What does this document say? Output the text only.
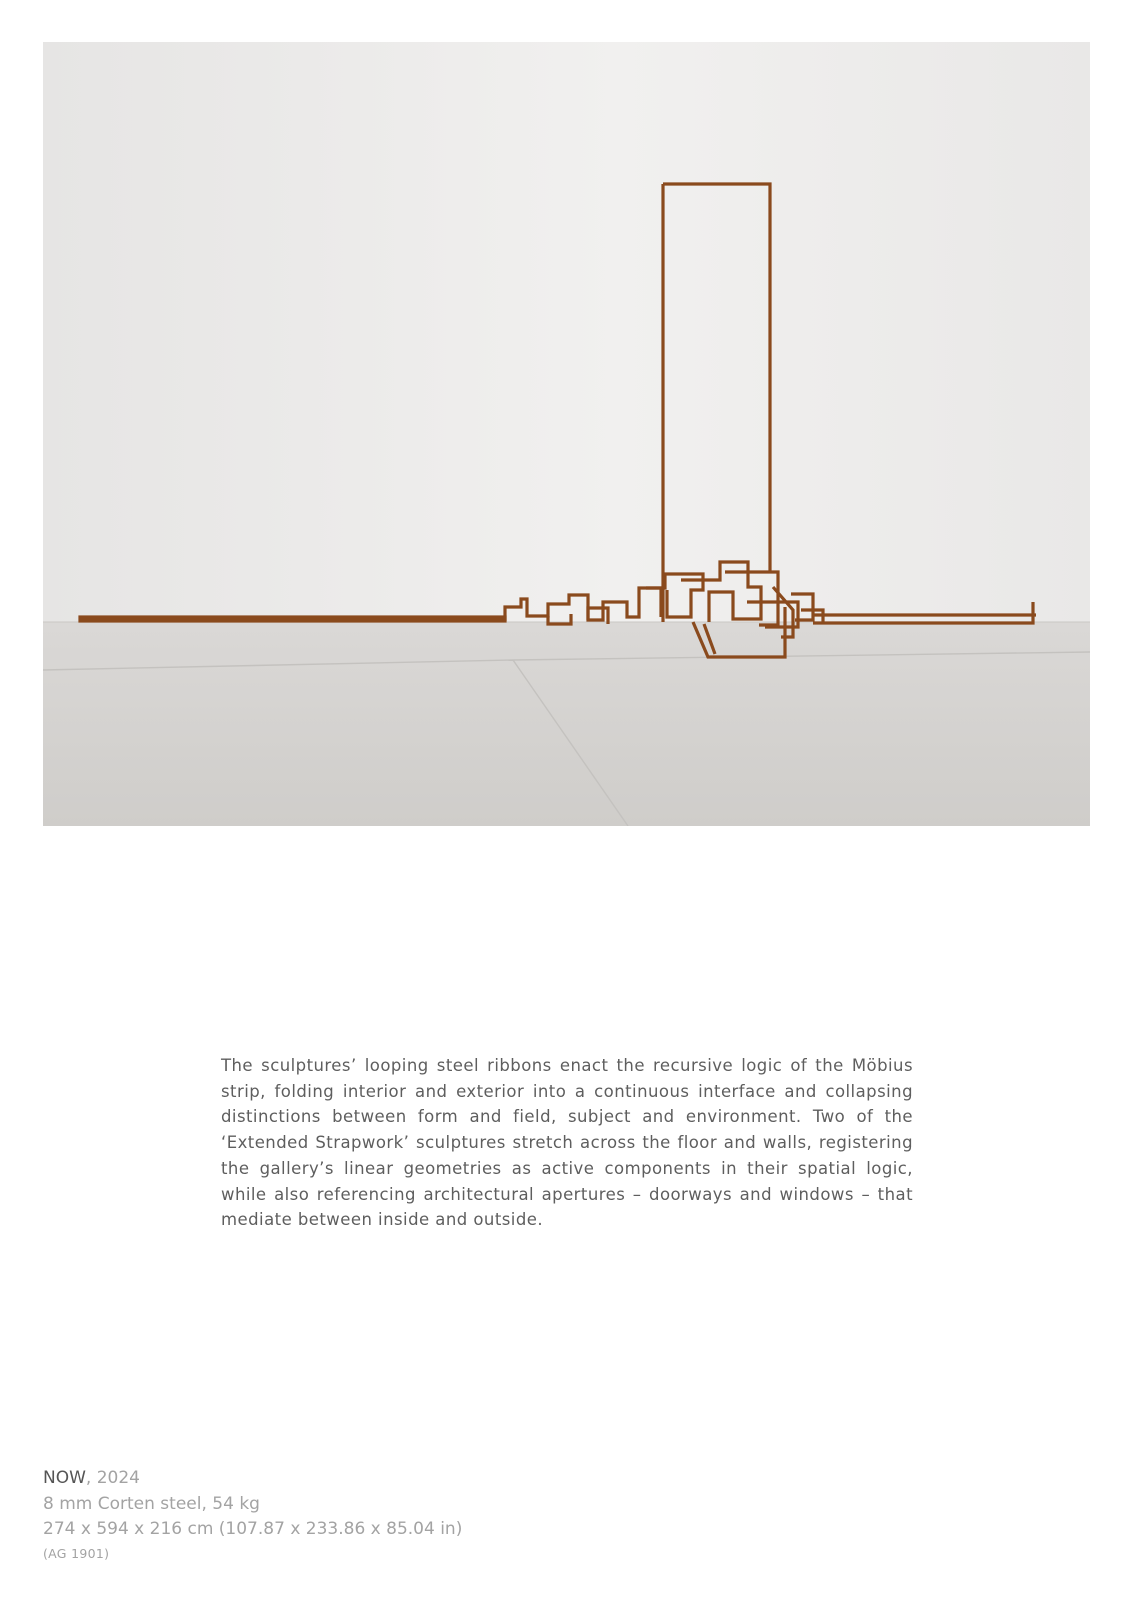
The sculptures’ looping steel ribbons enact the recursive logic of the Möbius strip, folding interior and exterior into a continuous interface and collapsing distinctions between form and field, subject and environment. Two of the ‘Extended Strapwork’ sculptures stretch across the floor and walls, registering the gallery’s linear geometries as active components in their spatial logic, while also referencing architectural apertures – doorways and windows – that mediate between inside and outside.

NOW, 2024
8 mm Corten steel, 54 kg
274 x 594 x 216 cm (107.87 x 233.86 x 85.04 in)
(AG 1901)
